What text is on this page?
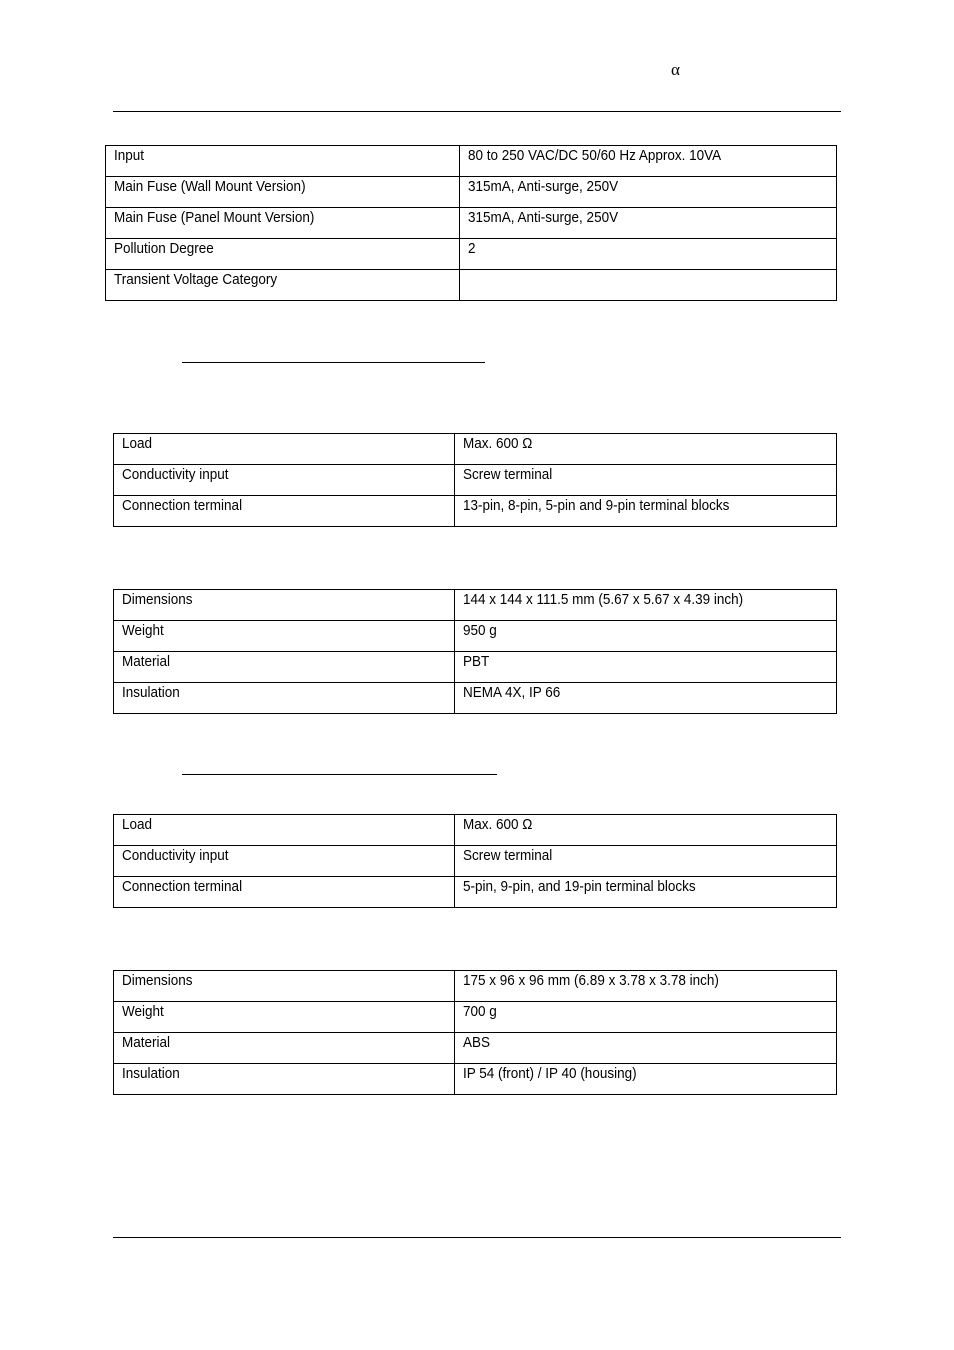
α
Input	80 to 250 VAC/DC 50/60 Hz Approx. 10VA
Main Fuse (Wall Mount Version)	315mA, Anti-surge, 250V
Main Fuse (Panel Mount Version)	315mA, Anti-surge, 250V
Pollution Degree	2
Transient Voltage Category	
Load	Max. 600 Ω
Conductivity input	Screw terminal
Connection terminal	13-pin, 8-pin, 5-pin and 9-pin terminal blocks
Dimensions	144 x 144 x 111.5 mm (5.67 x 5.67 x 4.39 inch)
Weight	950 g
Material	PBT
Insulation	NEMA 4X, IP 66
Load	Max. 600 Ω
Conductivity input	Screw terminal
Connection terminal	5-pin, 9-pin, and 19-pin terminal blocks
Dimensions	175 x 96 x 96 mm (6.89 x 3.78 x 3.78 inch)
Weight	700 g
Material	ABS
Insulation	IP 54 (front) / IP 40 (housing)
